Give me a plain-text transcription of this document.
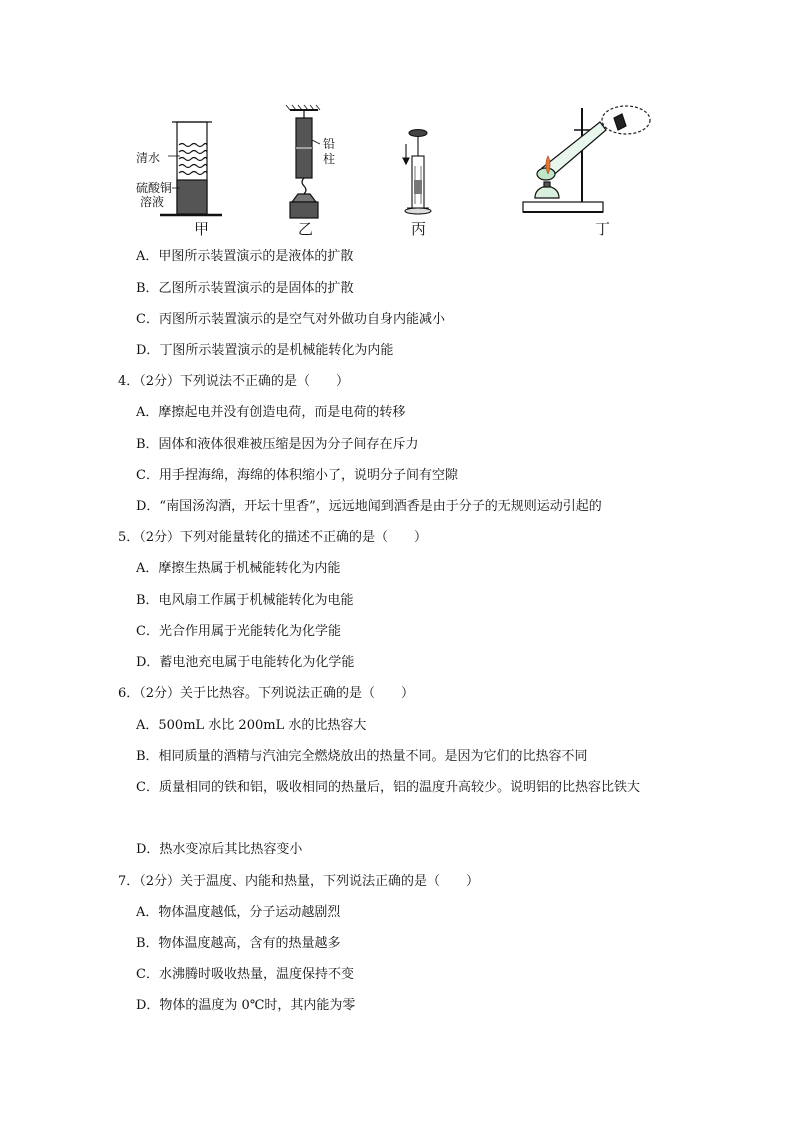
清水
硫酸铜
溶液
铅
柱
甲	乙	丙	丁
A．甲图所示装置演示的是液体的扩散
B．乙图所示装置演示的是固体的扩散
C．丙图所示装置演示的是空气对外做功自身内能减小
D．丁图所示装置演示的是机械能转化为内能
4．（2分）下列说法不正确的是（　　）
A．摩擦起电并没有创造电荷，而是电荷的转移
B．固体和液体很难被压缩是因为分子间存在斥力
C．用手捏海绵，海绵的体积缩小了，说明分子间有空隙
D．“南国汤沟酒，开坛十里香”，远远地闻到酒香是由于分子的无规则运动引起的
5．（2分）下列对能量转化的描述不正确的是（　　）
A．摩擦生热属于机械能转化为内能
B．电风扇工作属于机械能转化为电能
C．光合作用属于光能转化为化学能
D．蓄电池充电属于电能转化为化学能
6．（2分）关于比热容。下列说法正确的是（　　）
A．500mL 水比 200mL 水的比热容大
B．相同质量的酒精与汽油完全燃烧放出的热量不同。是因为它们的比热容不同
C．质量相同的铁和铝，吸收相同的热量后，铝的温度升高较少。说明铝的比热容比铁大
D．热水变凉后其比热容变小
7．（2分）关于温度、内能和热量，下列说法正确的是（　　）
A．物体温度越低，分子运动越剧烈
B．物体温度越高，含有的热量越多
C．水沸腾时吸收热量，温度保持不变
D．物体的温度为 0℃时，其内能为零
